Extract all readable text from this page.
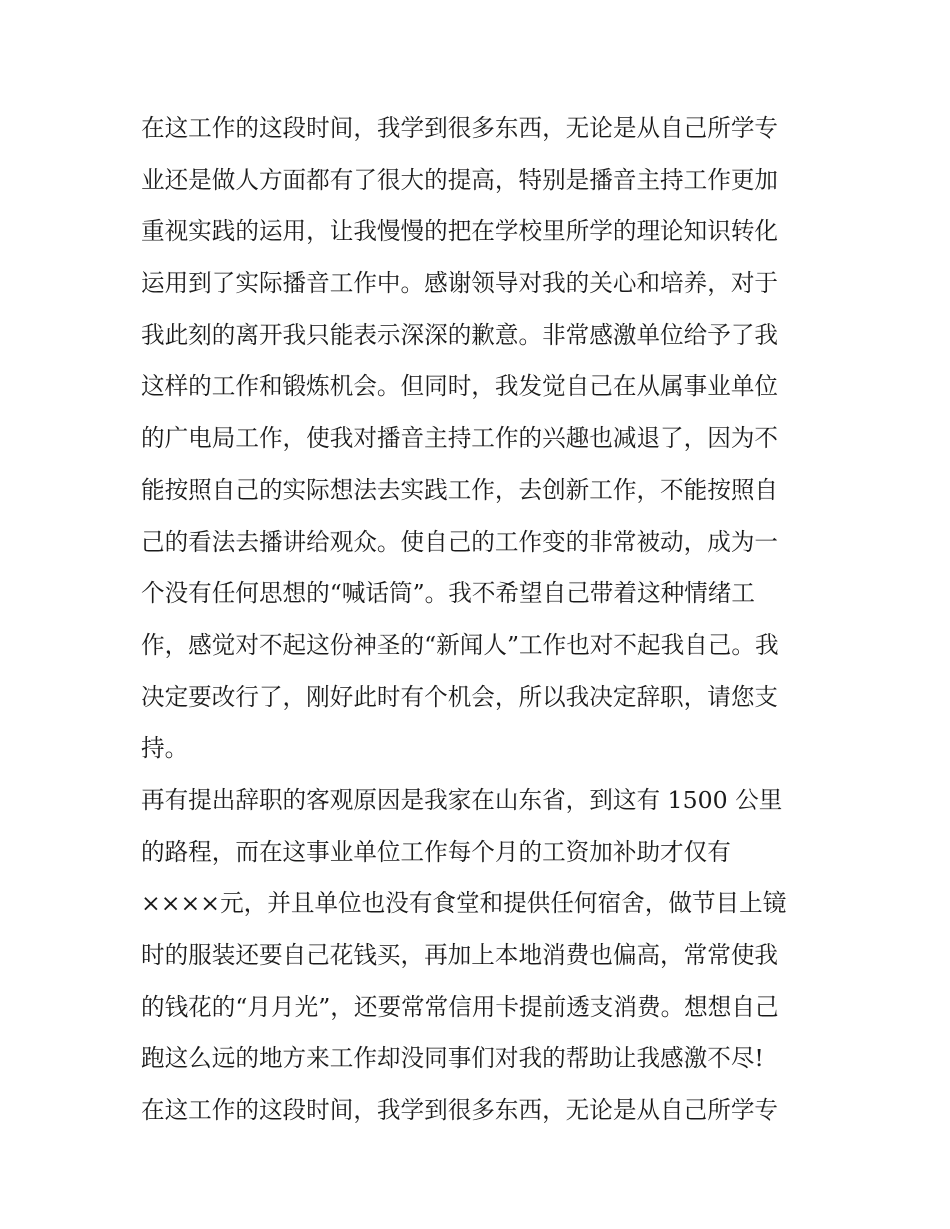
在这工作的这段时间，我学到很多东西，无论是从自己所学专
业还是做人方面都有了很大的提高，特别是播音主持工作更加
重视实践的运用，让我慢慢的把在学校里所学的理论知识转化
运用到了实际播音工作中。感谢领导对我的关心和培养，对于
我此刻的离开我只能表示深深的歉意。非常感激单位给予了我
这样的工作和锻炼机会。但同时，我发觉自己在从属事业单位
的广电局工作，使我对播音主持工作的兴趣也减退了，因为不
能按照自己的实际想法去实践工作，去创新工作，不能按照自
己的看法去播讲给观众。使自己的工作变的非常被动，成为一
个没有任何思想的“喊话筒”。我不希望自己带着这种情绪工
作，感觉对不起这份神圣的“新闻人”工作也对不起我自己。我
决定要改行了，刚好此时有个机会，所以我决定辞职，请您支
持。
再有提出辞职的客观原因是我家在山东省，到这有 1500 公里
的路程，而在这事业单位工作每个月的工资加补助才仅有
××××元，并且单位也没有食堂和提供任何宿舍，做节目上镜
时的服装还要自己花钱买，再加上本地消费也偏高，常常使我
的钱花的“月月光”，还要常常信用卡提前透支消费。想想自己
跑这么远的地方来工作却没同事们对我的帮助让我感激不尽!
在这工作的这段时间，我学到很多东西，无论是从自己所学专
